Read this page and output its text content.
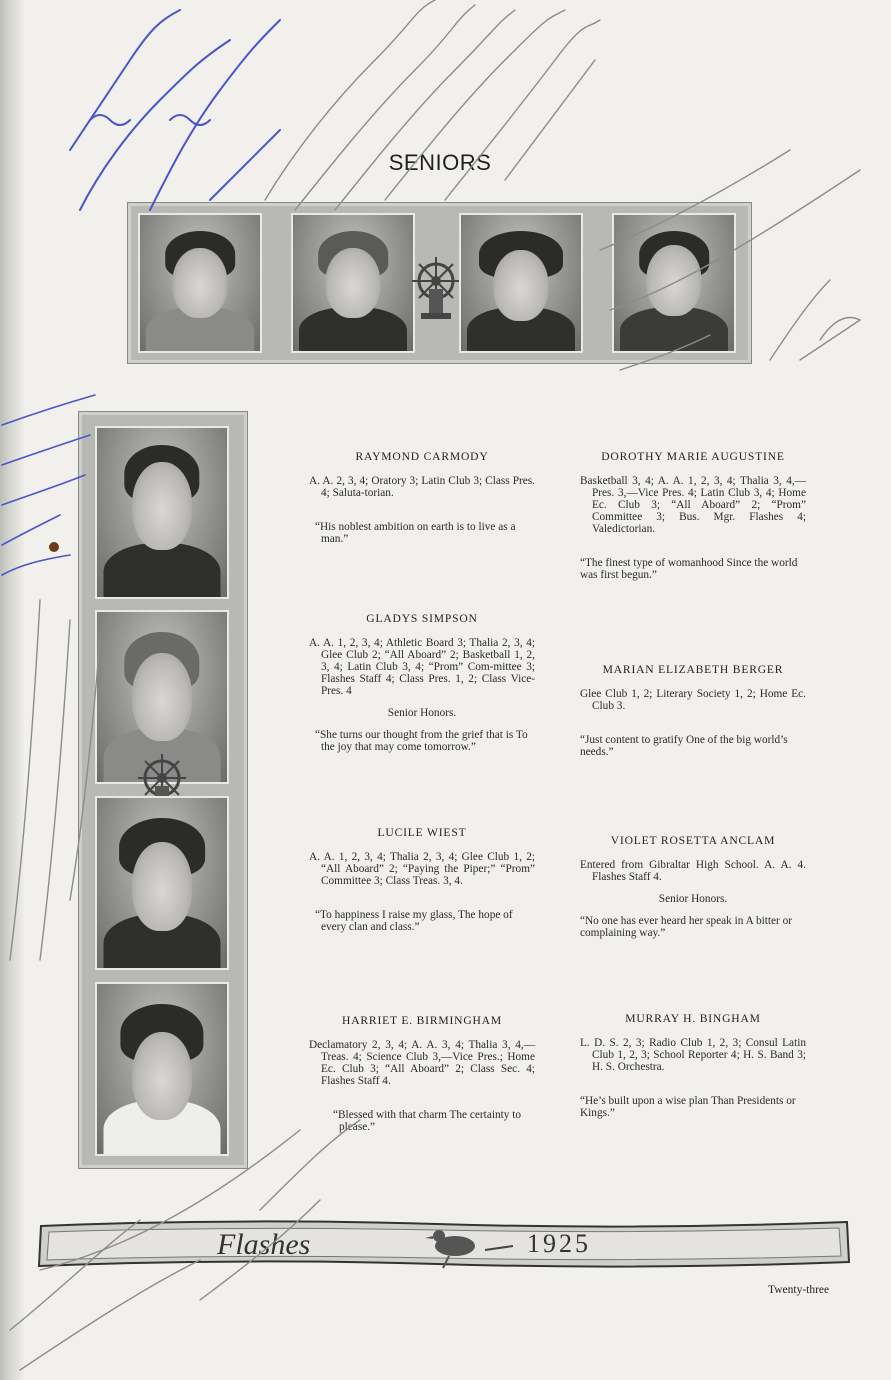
SENIORS
RAYMOND CARMODY
A. A. 2, 3, 4; Oratory 3; Latin Club 3; Class Pres. 4; Saluta-torian.
“His noblest ambition on earth is to live as a man.”
GLADYS SIMPSON
A. A. 1, 2, 3, 4; Athletic Board 3; Thalia 2, 3, 4; Glee Club 2; “All Aboard” 2; Basketball 1, 2, 3, 4; Latin Club 3, 4; “Prom” Com-mittee 3; Flashes Staff 4; Class Pres. 1, 2; Class Vice-Pres. 4
Senior Honors.
“She turns our thought from the grief that is To the joy that may come tomorrow.”
LUCILE WIEST
A. A. 1, 2, 3, 4; Thalia 2, 3, 4; Glee Club 1, 2; “All Aboard” 2; “Paying the Piper;” “Prom” Committee 3; Class Treas. 3, 4.
“To happiness I raise my glass, The hope of every clan and class.”
HARRIET E. BIRMINGHAM
Declamatory 2, 3, 4; A. A. 3, 4; Thalia 3, 4,—Treas. 4; Science Club 3,—Vice Pres.; Home Ec. Club 3; “All Aboard” 2; Class Sec. 4; Flashes Staff 4.
“Blessed with that charm The certainty to please.”
DOROTHY MARIE AUGUSTINE
Basketball 3, 4; A. A. 1, 2, 3, 4; Thalia 3, 4,—Pres. 3,—Vice Pres. 4; Latin Club 3, 4; Home Ec. Club 3; “All Aboard” 2; “Prom” Committee 3; Bus. Mgr. Flashes 4; Valedictorian.
“The finest type of womanhood Since the world was first begun.”
MARIAN ELIZABETH BERGER
Glee Club 1, 2; Literary Society 1, 2; Home Ec. Club 3.
“Just content to gratify One of the big world’s needs.”
VIOLET ROSETTA ANCLAM
Entered from Gibraltar High School. A. A. 4. Flashes Staff 4.
Senior Honors.
“No one has ever heard her speak in A bitter or complaining way.”
MURRAY H. BINGHAM
L. D. S. 2, 3; Radio Club 1, 2, 3; Consul Latin Club 1, 2, 3; School Reporter 4; H. S. Band 3; H. S. Orchestra.
“He’s built upon a wise plan Than Presidents or Kings.”
Flashes	1925
Twenty-three
